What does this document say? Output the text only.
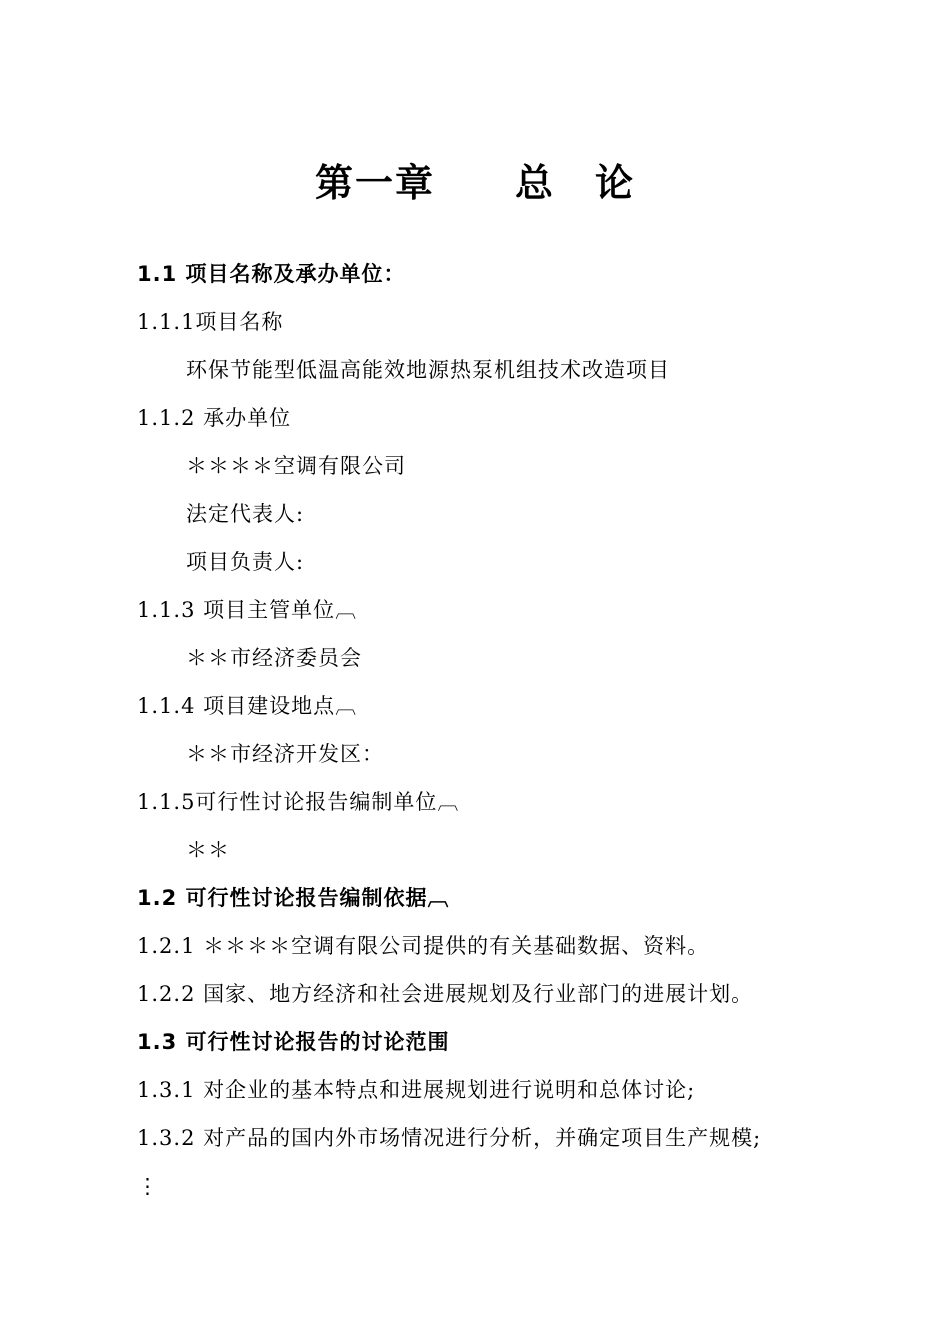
第一章　　总　论
1.1 项目名称及承办单位：
1.1.1项目名称
环保节能型低温高能效地源热泵机组技术改造项目
1.1.2 承办单位
＊＊＊＊空调有限公司
法定代表人:
项目负责人:
1.1.3 项目主管单位︹
＊＊市经济委员会
1.1.4 项目建设地点︹
＊＊市经济开发区：
1.1.5可行性讨论报告编制单位︹
＊＊
1.2 可行性讨论报告编制依据︹
1.2.1 ＊＊＊＊空调有限公司提供的有关基础数据、资料。
1.2.2 国家、地方经济和社会进展规划及行业部门的进展计划。
1.3 可行性讨论报告的讨论范围
1.3.1 对企业的基本特点和进展规划进行说明和总体讨论;
1.3.2 对产品的国内外市场情况进行分析，并确定项目生产规模;
⋮
